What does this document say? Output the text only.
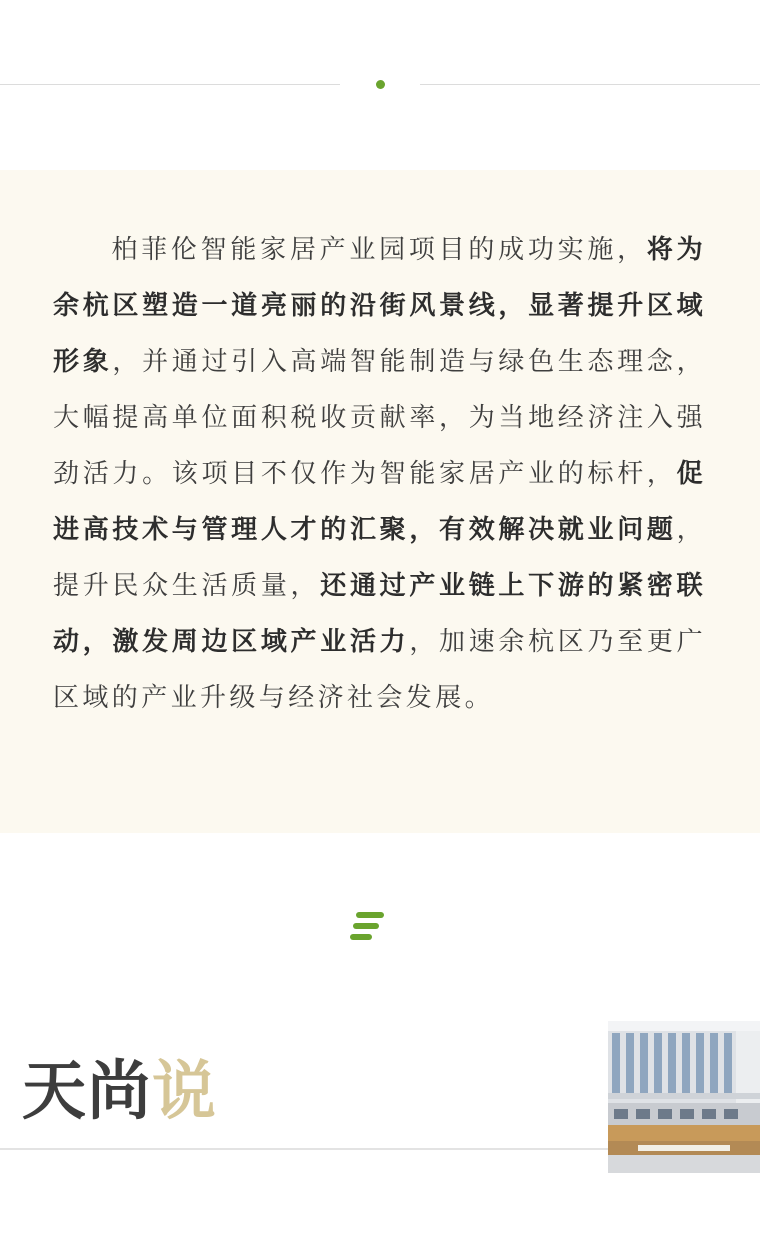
柏菲伦智能家居产业园项目的成功实施，将为余杭区塑造一道亮丽的沿街风景线，显著提升区域形象，并通过引入高端智能制造与绿色生态理念，大幅提高单位面积税收贡献率，为当地经济注入强劲活力。该项目不仅作为智能家居产业的标杆，促进高技术与管理人才的汇聚，有效解决就业问题，提升民众生活质量，还通过产业链上下游的紧密联动，激发周边区域产业活力，加速余杭区乃至更广区域的产业升级与经济社会发展。

天尚说
